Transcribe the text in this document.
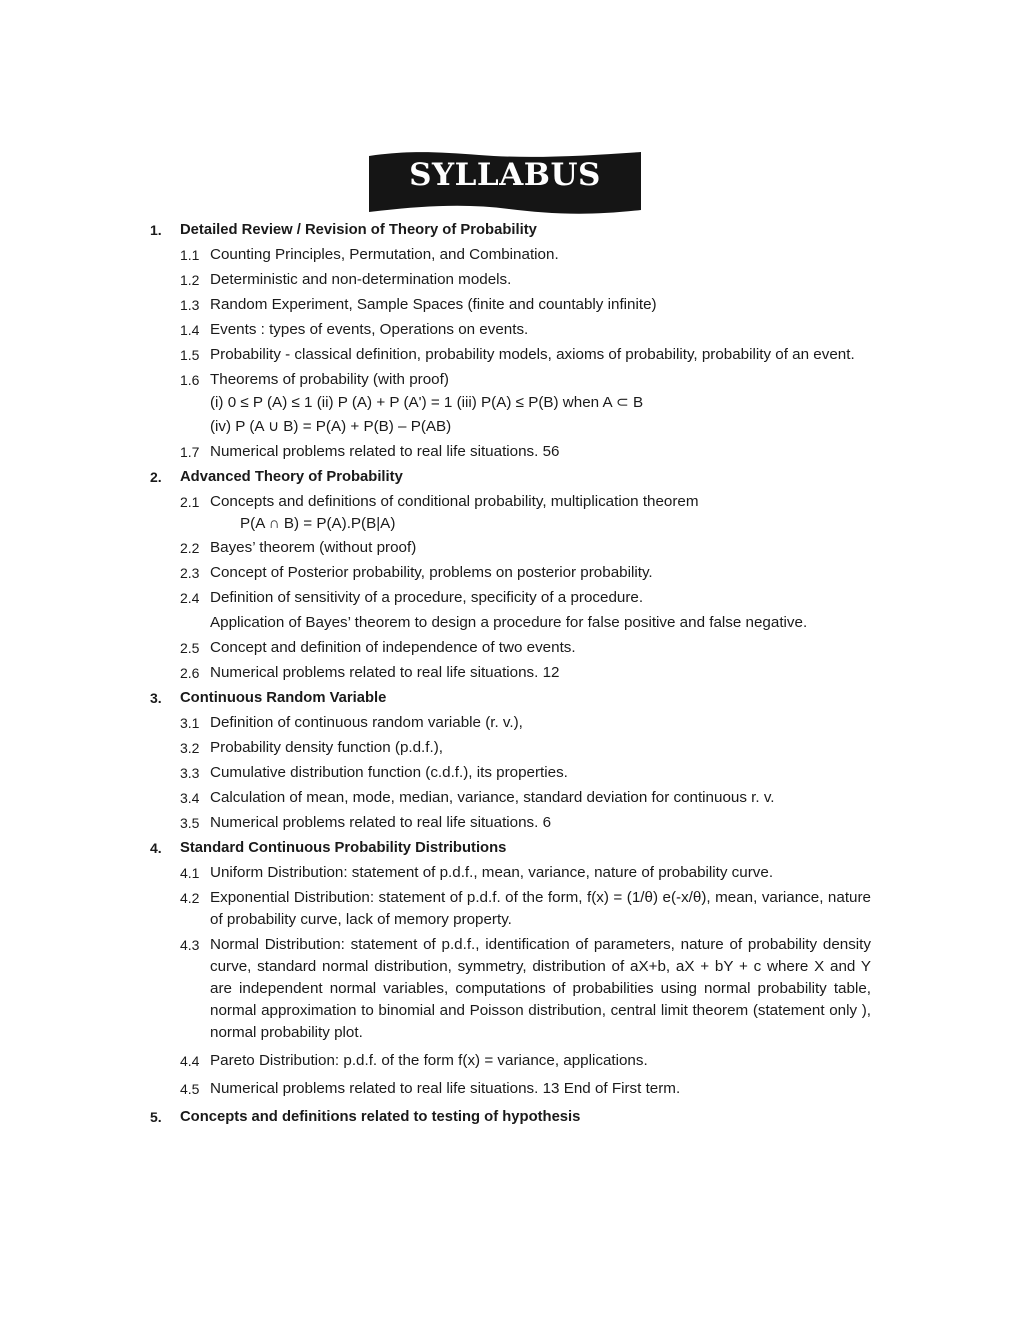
SYLLABUS
1. Detailed Review / Revision of Theory of Probability
1.1 Counting Principles, Permutation, and Combination.
1.2 Deterministic and non-determination models.
1.3 Random Experiment, Sample Spaces (finite and countably infinite)
1.4 Events : types of events, Operations on events.
1.5 Probability - classical definition, probability models, axioms of probability, probability of an event.
1.6 Theorems of probability (with proof)
(i) 0 ≤ P (A) ≤ 1 (ii) P (A) + P (A') = 1 (iii) P(A) ≤ P(B) when A ⊂ B
(iv) P (A ∪ B) = P(A) + P(B) – P(AB)
1.7 Numerical problems related to real life situations. 56
2. Advanced Theory of Probability
2.1 Concepts and definitions of conditional probability, multiplication theorem
P(A ∩ B) = P(A).P(B|A)
2.2 Bayes’ theorem (without proof)
2.3 Concept of Posterior probability, problems on posterior probability.
2.4 Definition of sensitivity of a procedure, specificity of a procedure.
Application of Bayes’ theorem to design a procedure for false positive and false negative.
2.5 Concept and definition of independence of two events.
2.6 Numerical problems related to real life situations. 12
3. Continuous Random Variable
3.1 Definition of continuous random variable (r. v.),
3.2 Probability density function (p.d.f.),
3.3 Cumulative distribution function (c.d.f.), its properties.
3.4 Calculation of mean, mode, median, variance, standard deviation for continuous r. v.
3.5 Numerical problems related to real life situations. 6
4. Standard Continuous Probability Distributions
4.1 Uniform Distribution: statement of p.d.f., mean, variance, nature of probability curve.
4.2 Exponential Distribution: statement of p.d.f. of the form, f(x) = (1/θ) e(-x/θ), mean, variance, nature of probability curve, lack of memory property.
4.3 Normal Distribution: statement of p.d.f., identification of parameters, nature of probability density curve, standard normal distribution, symmetry, distribution of aX+b, aX + bY + c where X and Y are independent normal variables, computations of probabilities using normal probability table, normal approximation to binomial and Poisson distribution, central limit theorem (statement only ), normal probability plot.
4.4 Pareto Distribution: p.d.f. of the form f(x) = variance, applications.
4.5 Numerical problems related to real life situations. 13 End of First term.
5. Concepts and definitions related to testing of hypothesis
